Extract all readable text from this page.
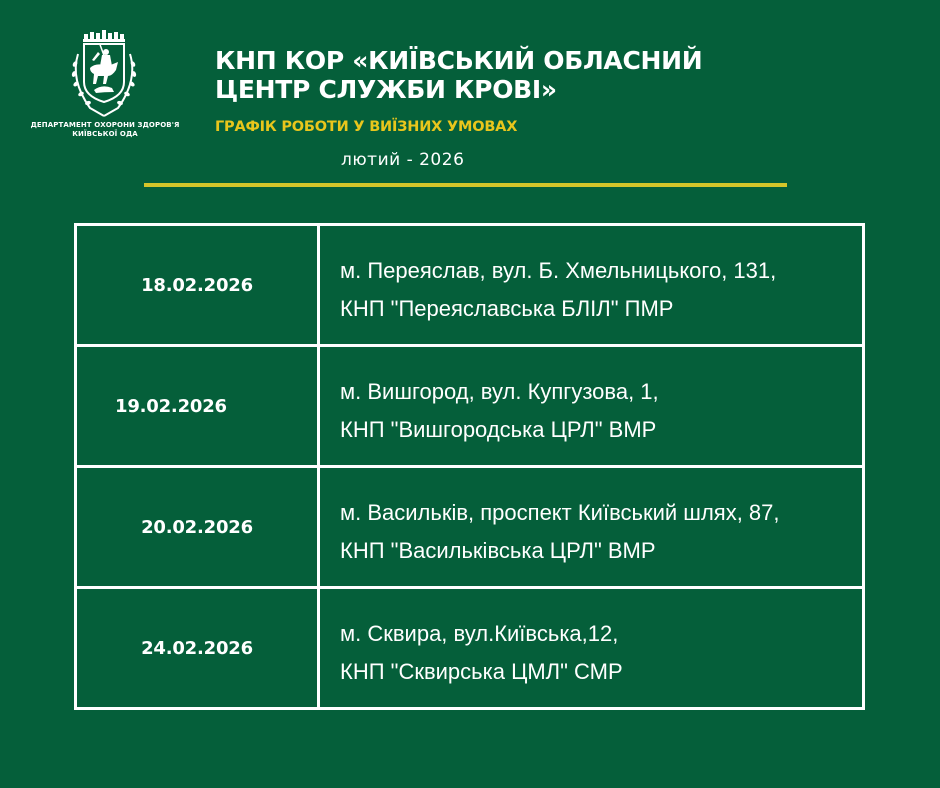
ДЕПАРТАМЕНТ ОХОРОНИ ЗДОРОВ'Я
КИЇВСЬКОЇ ОДА
КНП КОР «КИЇВСЬКИЙ ОБЛАСНИЙ
ЦЕНТР СЛУЖБИ КРОВІ»
ГРАФІК РОБОТИ У ВИЇЗНИХ УМОВАХ
лютий - 2026
18.02.2026	м. Переяслав, вул. Б. Хмельницького, 131,
КНП "Переяславська БЛІЛ" ПМР

19.02.2026	м. Вишгород, вул. Купгузова, 1,
КНП "Вишгородська ЦРЛ" ВМР

20.02.2026	м. Васильків, проспект Київський шлях, 87,
КНП "Васильківська ЦРЛ" ВМР

24.02.2026	м. Сквира, вул.Київська,12,
КНП "Сквирська ЦМЛ" СМР
